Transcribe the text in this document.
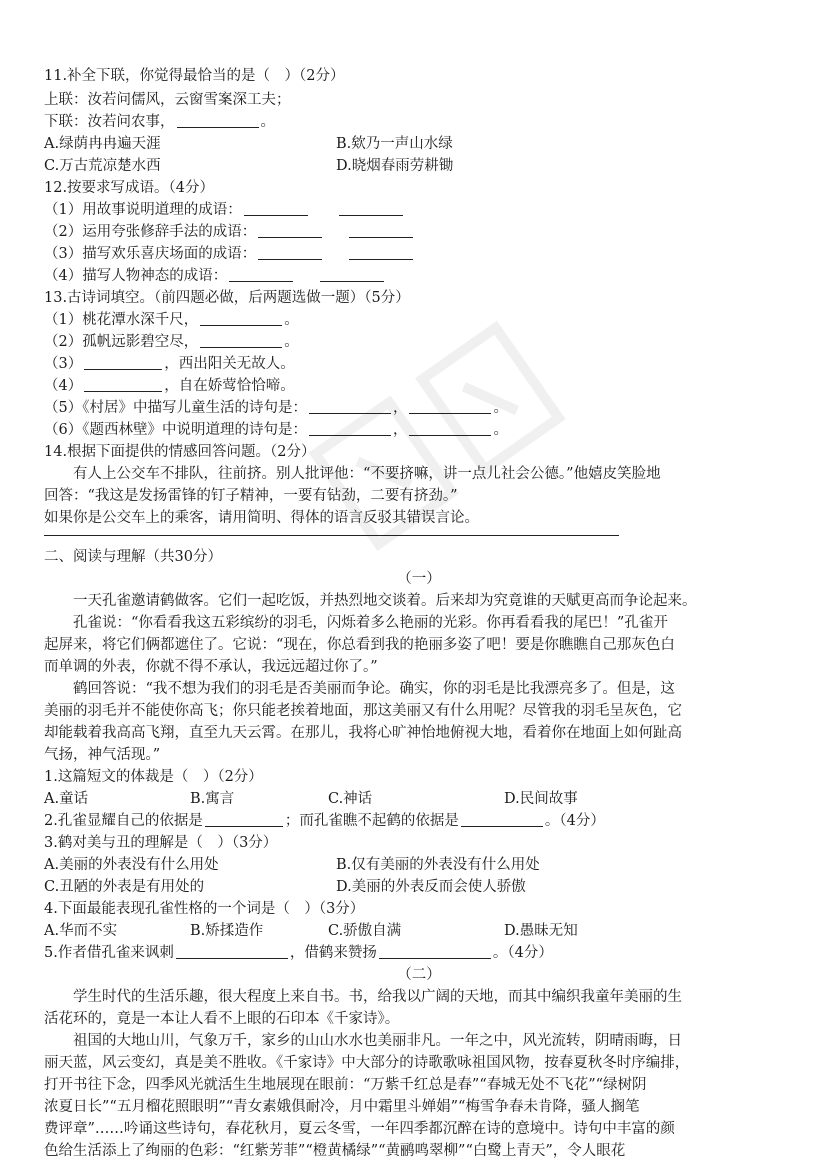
11.补全下联，你觉得最恰当的是（　）（2分）
上联：汝若问儒风，云窗雪案深工夫；
下联：汝若问农事，	。
A.绿荫冉冉遍天涯	B.欸乃一声山水绿
C.万古荒凉楚水西	D.晓烟春雨劳耕锄
12.按要求写成语。（4分）
（1）用故事说明道理的成语：
（2）运用夸张修辞手法的成语：
（3）描写欢乐喜庆场面的成语：
（4）描写人物神态的成语：
13.古诗词填空。（前四题必做，后两题选做一题）（5分）
（1）桃花潭水深千尺，	。
（2）孤帆远影碧空尽，	。
（3）	，西出阳关无故人。
（4）	，自在娇莺恰恰啼。
（5）《村居》中描写儿童生活的诗句是：	，	。
（6）《题西林壁》中说明道理的诗句是：	，	。
14.根据下面提供的情感回答问题。（2分）
有人上公交车不排队，往前挤。别人批评他：“不要挤嘛，讲一点儿社会公德。”他嬉皮笑脸地
回答：“我这是发扬雷锋的钉子精神，一要有钻劲，二要有挤劲。”
如果你是公交车上的乘客，请用简明、得体的语言反驳其错误言论。
二、阅读与理解（共30分）
（一）
一天孔雀邀请鹤做客。它们一起吃饭，并热烈地交谈着。后来却为究竟谁的天赋更高而争论起来。
孔雀说：“你看看我这五彩缤纷的羽毛，闪烁着多么艳丽的光彩。你再看看我的尾巴！”孔雀开
起屏来，将它们俩都遮住了。它说：“现在，你总看到我的艳丽多姿了吧！要是你瞧瞧自己那灰色白
而单调的外表，你就不得不承认，我远远超过你了。”
鹤回答说：“我不想为我们的羽毛是否美丽而争论。确实，你的羽毛是比我漂亮多了。但是，这
美丽的羽毛并不能使你高飞；你只能老挨着地面，那这美丽又有什么用呢？尽管我的羽毛呈灰色，它
却能载着我高高飞翔，直至九天云霄。在那儿，我将心旷神怡地俯视大地，看着你在地面上如何趾高
气扬，神气活现。”
1.这篇短文的体裁是（　）（2分）
A.童话	B.寓言	C.神话	D.民间故事
2.孔雀显耀自己的依据是	；而孔雀瞧不起鹤的依据是	。（4分）
3.鹤对美与丑的理解是（　）（3分）
A.美丽的外表没有什么用处	B.仅有美丽的外表没有什么用处
C.丑陋的外表是有用处的	D.美丽的外表反而会使人骄傲
4.下面最能表现孔雀性格的一个词是（　）（3分）
A.华而不实	B.矫揉造作	C.骄傲自满	D.愚昧无知
5.作者借孔雀来讽刺	，借鹤来赞扬	。（4分）
（二）
学生时代的生活乐趣，很大程度上来自书。书，给我以广阔的天地，而其中编织我童年美丽的生
活花环的，竟是一本让人看不上眼的石印本《千家诗》。
祖国的大地山川，气象万千，家乡的山山水水也美丽非凡。一年之中，风光流转，阴晴雨晦，日
丽天蓝，风云变幻，真是美不胜收。《千家诗》中大部分的诗歌歌咏祖国风物，按春夏秋冬时序编排，
打开书往下念，四季风光就活生生地展现在眼前：“万紫千红总是春”“春城无处不飞花”“绿树阴
浓夏日长”“五月榴花照眼明”“青女素娥俱耐冷，月中霜里斗婵娟”“梅雪争春未肯降，骚人搁笔
费评章”……吟诵这些诗句，春花秋月，夏云冬雪，一年四季都沉醉在诗的意境中。诗句中丰富的颜
色给生活添上了绚丽的色彩：“红紫芳菲”“橙黄橘绿”“黄鹂鸣翠柳”“白鹭上青天”，令人眼花
